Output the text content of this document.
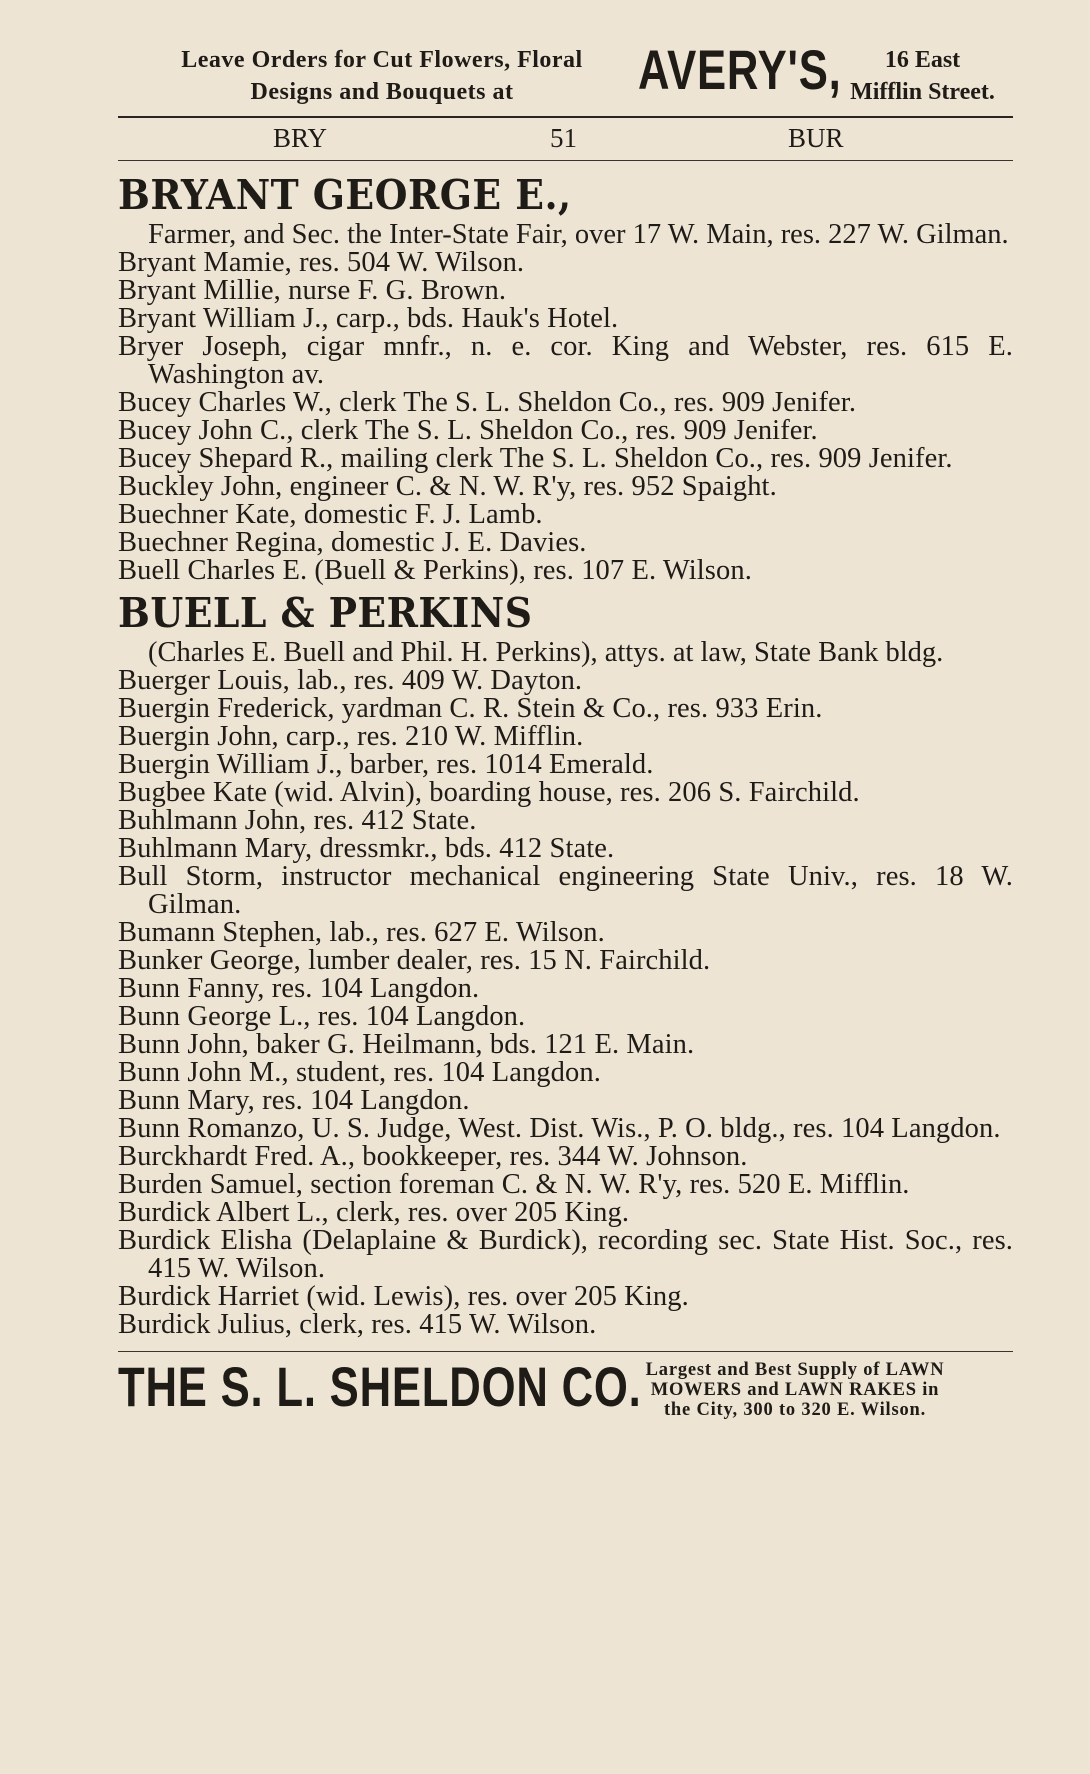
Leave Orders for Cut Flowers, Floral
Designs and Bouquets at	AVERY'S,	16 East
Mifflin Street.
BRY	51	BUR
BRYANT GEORGE E.,

Farmer, and Sec. the Inter-State Fair, over 17 W. Main, res. 227 W. Gilman.

Bryant Mamie, res. 504 W. Wilson.

Bryant Millie, nurse F. G. Brown.

Bryant William J., carp., bds. Hauk's Hotel.

Bryer Joseph, cigar mnfr., n. e. cor. King and Webster, res. 615 E. Washington av.

Bucey Charles W., clerk The S. L. Sheldon Co., res. 909 Jenifer.

Bucey John C., clerk The S. L. Sheldon Co., res. 909 Jenifer.

Bucey Shepard R., mailing clerk The S. L. Sheldon Co., res. 909 Jenifer.

Buckley John, engineer C. & N. W. R'y, res. 952 Spaight.

Buechner Kate, domestic F. J. Lamb.

Buechner Regina, domestic J. E. Davies.

Buell Charles E. (Buell & Perkins), res. 107 E. Wilson.

BUELL & PERKINS

(Charles E. Buell and Phil. H. Perkins), attys. at law, State Bank bldg.

Buerger Louis, lab., res. 409 W. Dayton.

Buergin Frederick, yardman C. R. Stein & Co., res. 933 Erin.

Buergin John, carp., res. 210 W. Mifflin.

Buergin William J., barber, res. 1014 Emerald.

Bugbee Kate (wid. Alvin), boarding house, res. 206 S. Fairchild.

Buhlmann John, res. 412 State.

Buhlmann Mary, dressmkr., bds. 412 State.

Bull Storm, instructor mechanical engineering State Univ., res. 18 W. Gilman.

Bumann Stephen, lab., res. 627 E. Wilson.

Bunker George, lumber dealer, res. 15 N. Fairchild.

Bunn Fanny, res. 104 Langdon.

Bunn George L., res. 104 Langdon.

Bunn John, baker G. Heilmann, bds. 121 E. Main.

Bunn John M., student, res. 104 Langdon.

Bunn Mary, res. 104 Langdon.

Bunn Romanzo, U. S. Judge, West. Dist. Wis., P. O. bldg., res. 104 Langdon.

Burckhardt Fred. A., bookkeeper, res. 344 W. Johnson.

Burden Samuel, section foreman C. & N. W. R'y, res. 520 E. Mifflin.

Burdick Albert L., clerk, res. over 205 King.

Burdick Elisha (Delaplaine & Burdick), recording sec. State Hist. Soc., res. 415 W. Wilson.

Burdick Harriet (wid. Lewis), res. over 205 King.

Burdick Julius, clerk, res. 415 W. Wilson.

THE S. L. SHELDON CO. Largest and Best Supply of LAWN
MOWERS and LAWN RAKES in
the City, 300 to 320 E. Wilson.
